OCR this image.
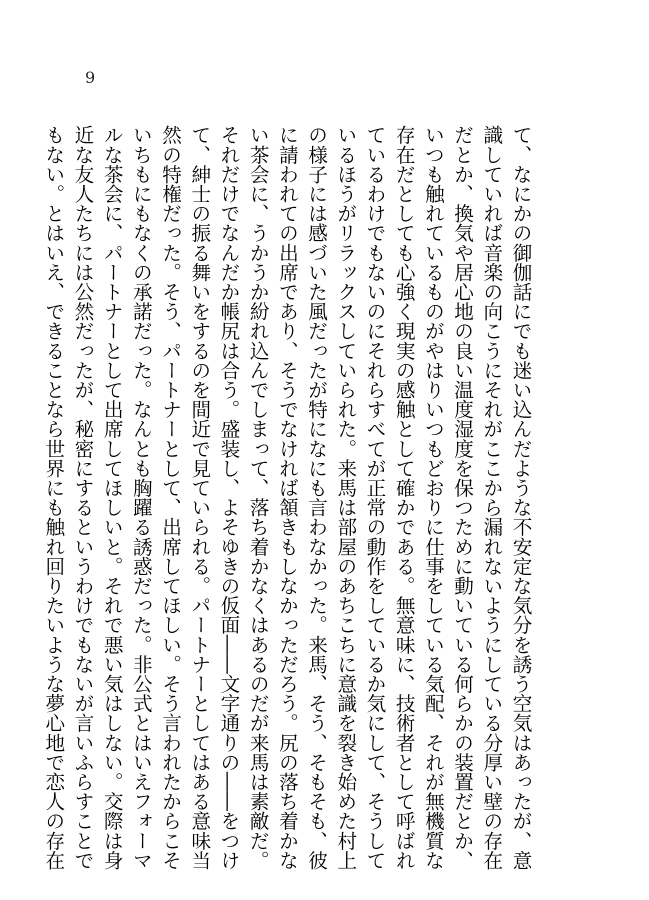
9
て、なにかの御伽話にでも迷い込んだような不安定な気分を誘う空気はあったが、意
識していれば音楽の向こうにそれがここから漏れないようにしている分厚い壁の存在
だとか、換気や居心地の良い温度湿度を保つために動いている何らかの装置だとか、
いつも触れているものがやはりいつもどおりに仕事をしている気配、それが無機質な
存在だとしても心強く現実の感触として確かである。無意味に、技術者として呼ばれ
ているわけでもないのにそれらすべてが正常の動作をしているか気にして、そうして
いるほうがリラックスしていられた。来馬は部屋のあちこちに意識を裂き始めた村上
の様子には感づいた風だったが特になにも言わなかった。来馬、そう、そもそも、彼
に請われての出席であり、そうでなければ頷きもしなかっただろう。尻の落ち着かな
い茶会に、うかうか紛れ込んでしまって、落ち着かなくはあるのだが来馬は素敵だ。
それだけでなんだか帳尻は合う。盛装し、よそゆきの仮面――文字通りの――をつけ
て、紳士の振る舞いをするのを間近で見ていられる。パートナーとしてはある意味当
然の特権だった。そう、パートナーとして、出席してほしい。そう言われたからこそ
いちもにもなくの承諾だった。なんとも胸躍る誘惑だった。非公式とはいえフォーマ
ルな茶会に、パートナーとして出席してほしいと。それで悪い気はしない。交際は身
近な友人たちには公然だったが、秘密にするというわけでもないが言いふらすことで
もない。とはいえ、できることなら世界にも触れ回りたいような夢心地で恋人の存在
